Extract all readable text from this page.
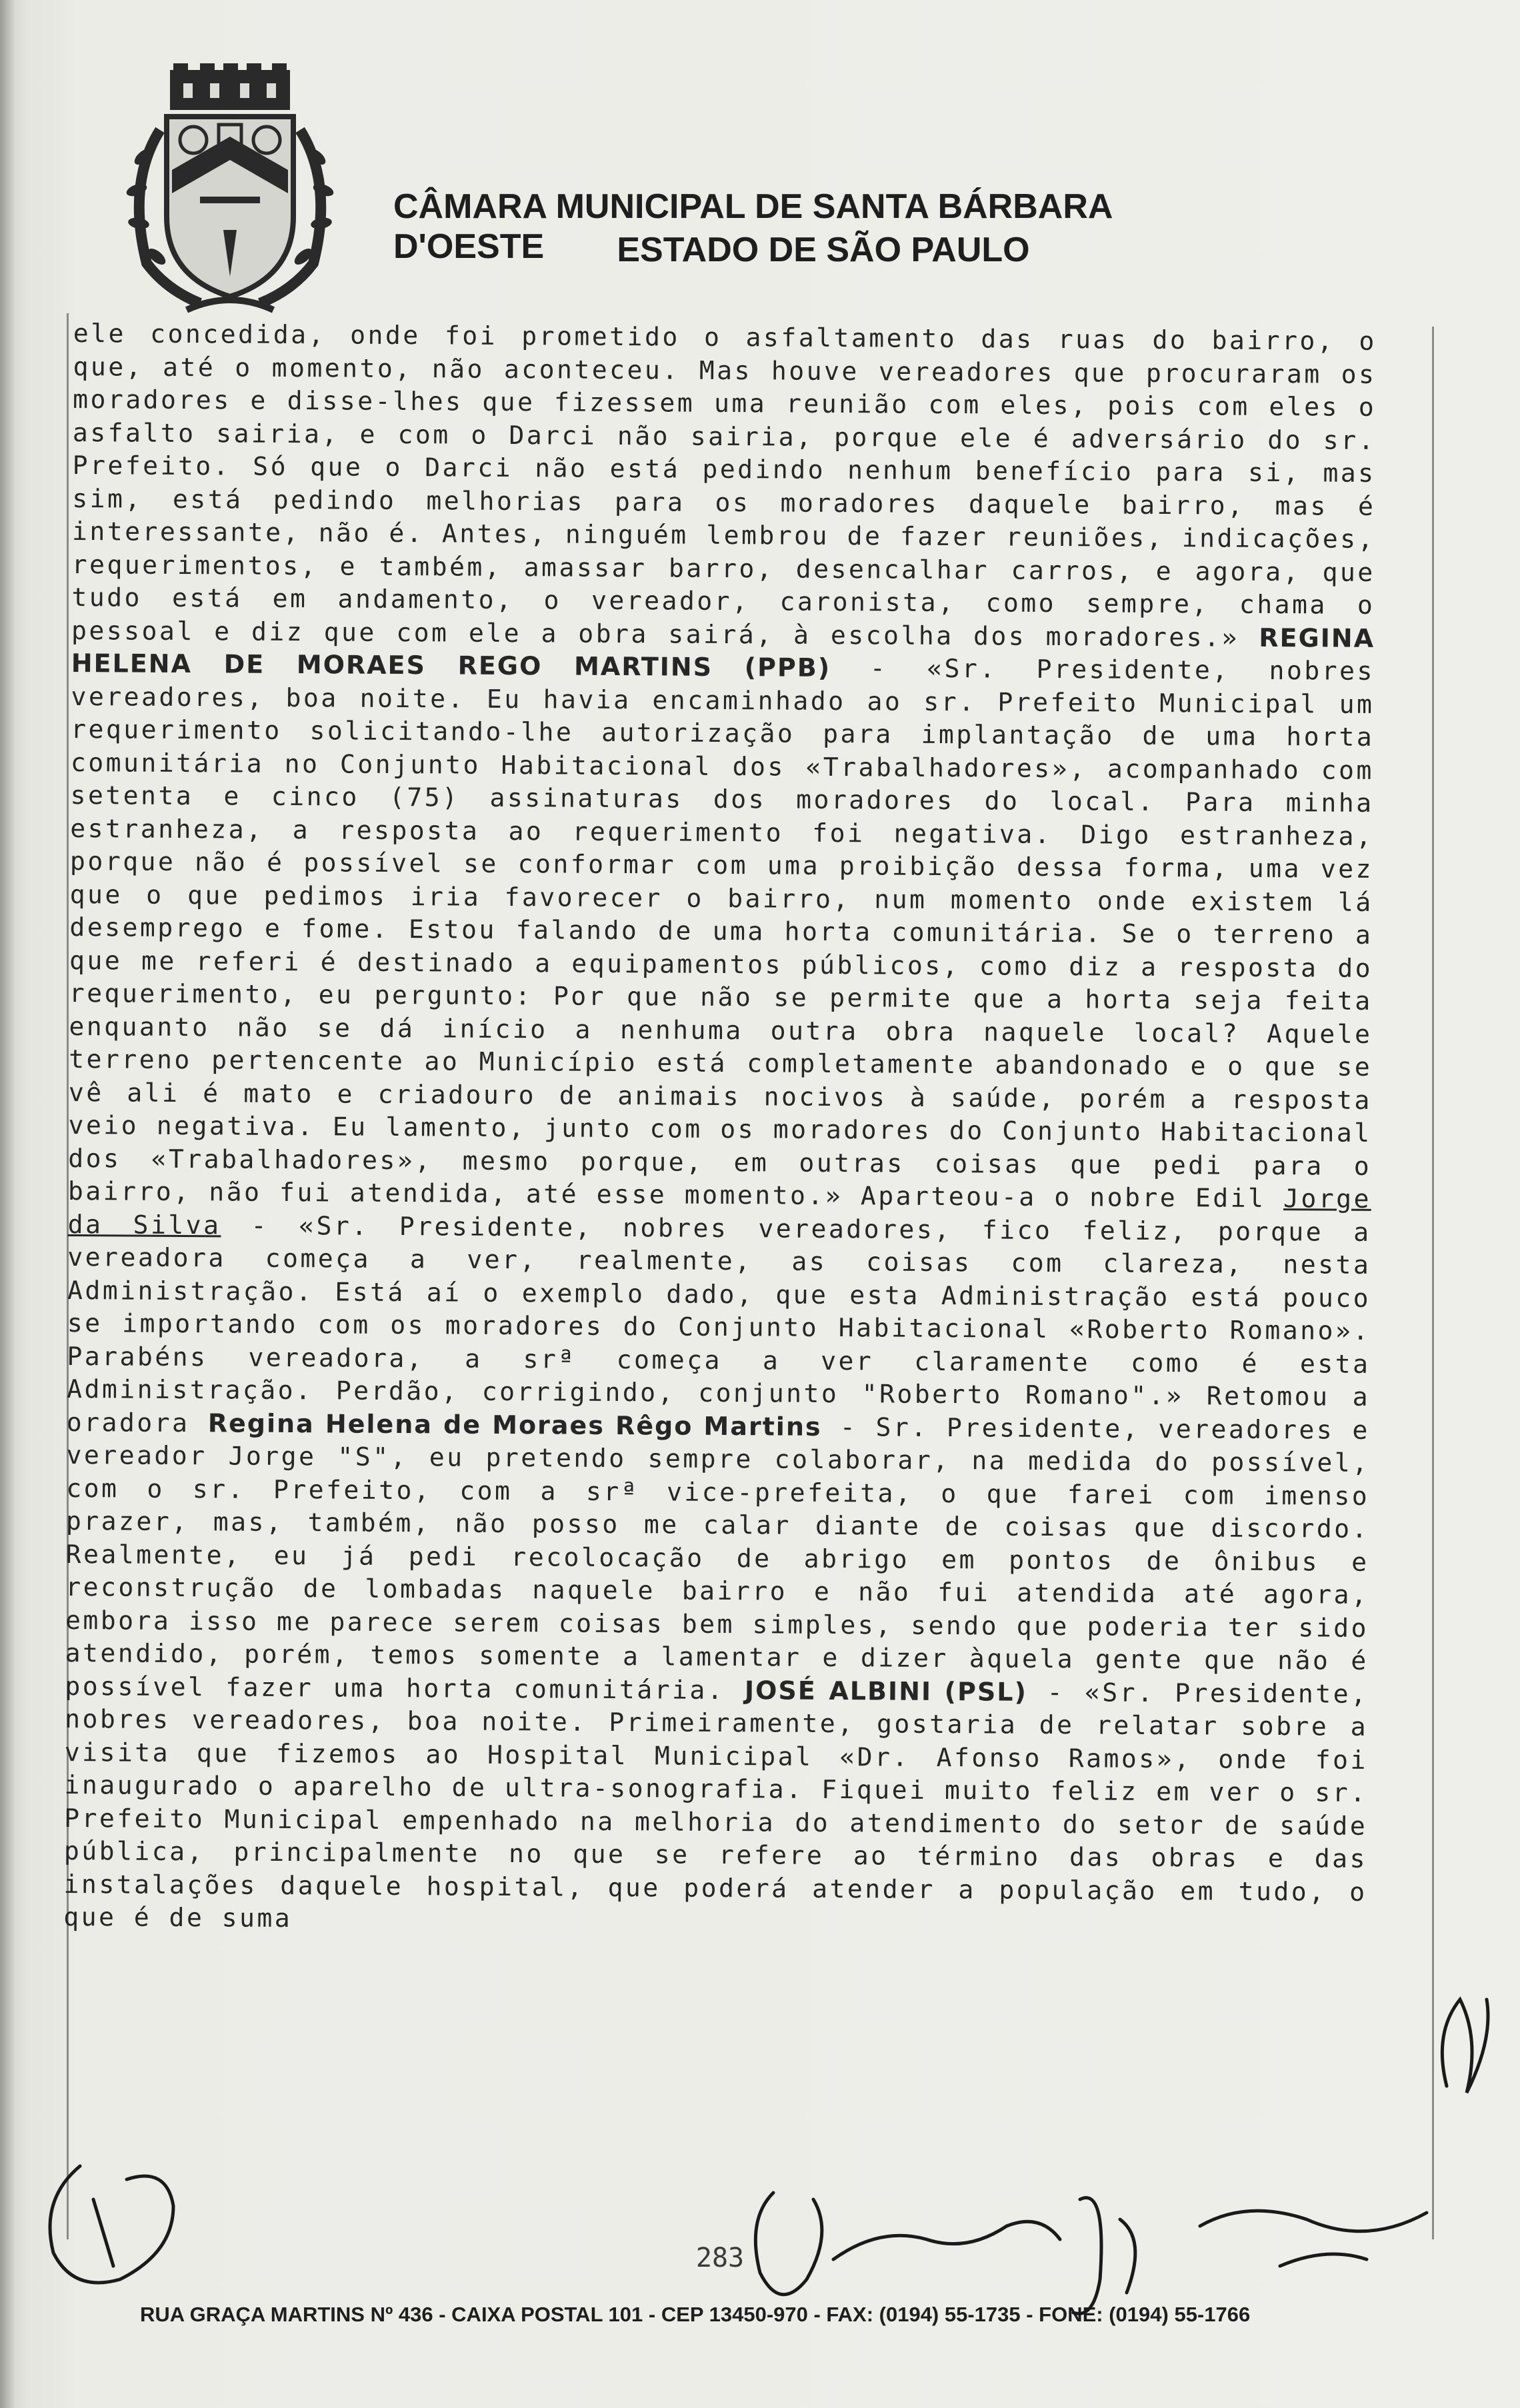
CÂMARA MUNICIPAL DE SANTA BÁRBARA D'OESTE	ESTADO DE SÃO PAULO
ele concedida, onde foi prometido o asfaltamento das ruas do bairro, o que, até o momento, não aconteceu. Mas houve vereadores que procuraram os moradores e disse-lhes que fizessem uma reunião com eles, pois com eles o asfalto sairia, e com o Darci não sairia, porque ele é adversário do sr. Prefeito. Só que o Darci não está pedindo nenhum benefício para si, mas sim, está pedindo melhorias para os moradores daquele bairro, mas é interessante, não é. Antes, ninguém lembrou de fazer reuniões, indicações, requerimentos, e também, amassar barro, desencalhar carros, e agora, que tudo está em andamento, o vereador, caronista, como sempre, chama o pessoal e diz que com ele a obra sairá, à escolha dos moradores.» REGINA HELENA DE MORAES REGO MARTINS (PPB) - «Sr. Presidente, nobres vereadores, boa noite. Eu havia encaminhado ao sr. Prefeito Municipal um requerimento solicitando-lhe autorização para implantação de uma horta comunitária no Conjunto Habitacional dos «Trabalhadores», acompanhado com setenta e cinco (75) assinaturas dos moradores do local. Para minha estranheza, a resposta ao requerimento foi negativa. Digo estranheza, porque não é possível se conformar com uma proibição dessa forma, uma vez que o que pedimos iria favorecer o bairro, num momento onde existem lá desemprego e fome. Estou falando de uma horta comunitária. Se o terreno a que me referi é destinado a equipamentos públicos, como diz a resposta do requerimento, eu pergunto: Por que não se permite que a horta seja feita enquanto não se dá início a nenhuma outra obra naquele local? Aquele terreno pertencente ao Município está completamente abandonado e o que se vê ali é mato e criadouro de animais nocivos à saúde, porém a resposta veio negativa. Eu lamento, junto com os moradores do Conjunto Habitacional dos «Trabalhadores», mesmo porque, em outras coisas que pedi para o bairro, não fui atendida, até esse momento.» Aparteou-a o nobre Edil Jorge da Silva - «Sr. Presidente, nobres vereadores, fico feliz, porque a vereadora começa a ver, realmente, as coisas com clareza, nesta Administração. Está aí o exemplo dado, que esta Administração está pouco se importando com os moradores do Conjunto Habitacional «Roberto Romano». Parabéns vereadora, a srª começa a ver claramente como é esta Administração. Perdão, corrigindo, conjunto "Roberto Romano".» Retomou a oradora Regina Helena de Moraes Rêgo Martins - Sr. Presidente, vereadores e vereador Jorge "S", eu pretendo sempre colaborar, na medida do possível, com o sr. Prefeito, com a srª vice-prefeita, o que farei com imenso prazer, mas, também, não posso me calar diante de coisas que discordo. Realmente, eu já pedi recolocação de abrigo em pontos de ônibus e reconstrução de lombadas naquele bairro e não fui atendida até agora, embora isso me parece serem coisas bem simples, sendo que poderia ter sido atendido, porém, temos somente a lamentar e dizer àquela gente que não é possível fazer uma horta comunitária. JOSÉ ALBINI (PSL) - «Sr. Presidente, nobres vereadores, boa noite. Primeiramente, gostaria de relatar sobre a visita que fizemos ao Hospital Municipal «Dr. Afonso Ramos», onde foi inaugurado o aparelho de ultra-sonografia. Fiquei muito feliz em ver o sr. Prefeito Municipal empenhado na melhoria do atendimento do setor de saúde pública, principalmente no que se refere ao término das obras e das instalações daquele hospital, que poderá atender a população em tudo, o que é de suma
283
RUA GRAÇA MARTINS Nº 436 - CAIXA POSTAL 101 - CEP 13450-970 - FAX: (0194) 55-1735 - FONE: (0194) 55-1766
